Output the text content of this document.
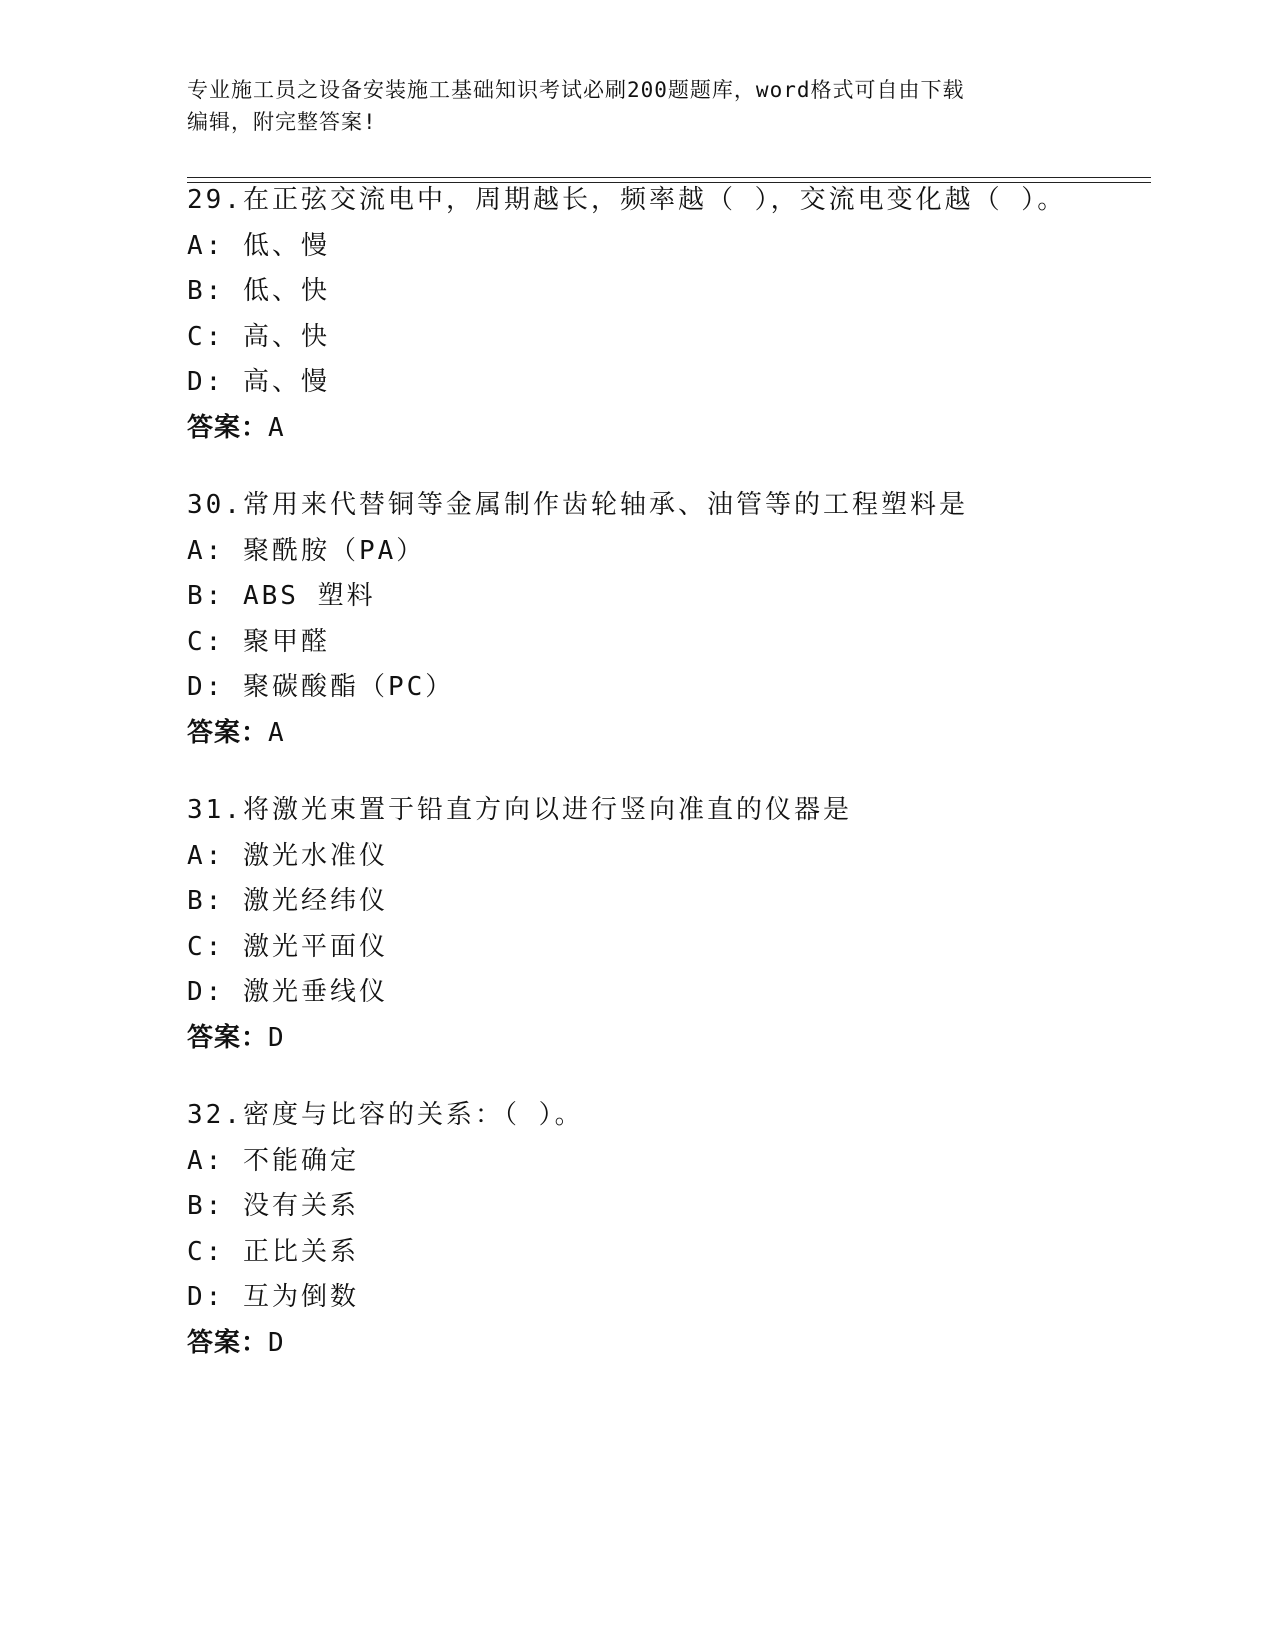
专业施工员之设备安装施工基础知识考试必刷200题题库，word格式可自由下载
编辑，附完整答案!
29.在正弦交流电中，周期越长，频率越（ ），交流电变化越（ ）。
A: 低、慢
B: 低、快
C: 高、快
D: 高、慢
答案：A
30.常用来代替铜等金属制作齿轮轴承、油管等的工程塑料是
A: 聚酰胺（PA）
B: ABS 塑料
C: 聚甲醛
D: 聚碳酸酯（PC）
答案：A
31.将激光束置于铅直方向以进行竖向准直的仪器是
A: 激光水准仪
B: 激光经纬仪
C: 激光平面仪
D: 激光垂线仪
答案：D
32.密度与比容的关系：（ ）。
A: 不能确定
B: 没有关系
C: 正比关系
D: 互为倒数
答案：D
